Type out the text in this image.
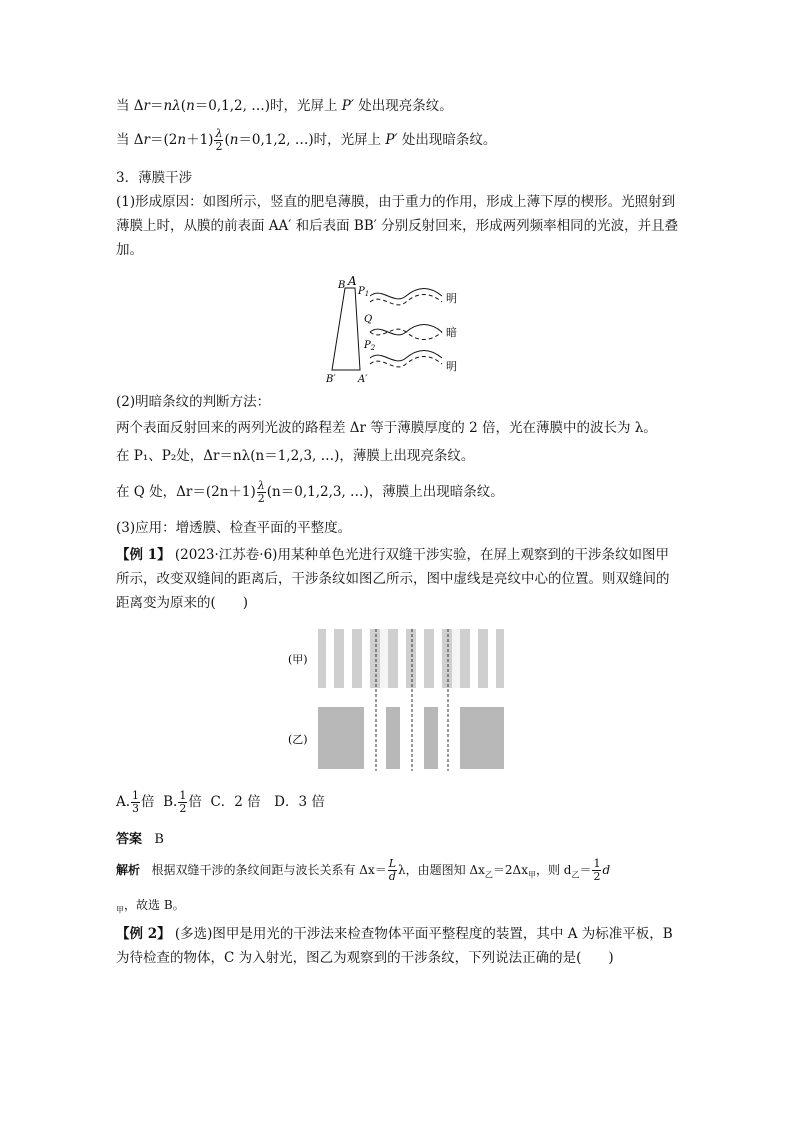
当 Δr＝nλ(n＝0,1,2, …)时，光屏上 P′ 处出现亮条纹。
当 $\Delta r=(2n+1) \frac{\lambda}{2} (n=0,1,2$, …)时，光屏上 P′ 处出现暗条纹。
3．薄膜干涉
(1)形成原因：如图所示，竖直的肥皂薄膜，由于重力的作用，形成上薄下厚的楔形。光照射到薄膜上时，从膜的前表面 AA′ 和后表面 BB′ 分别反射回来，形成两列频率相同的光波，并且叠加。
B A
$P_1$	明
Q
暗
$P_2$
明
B′ A′
(2)明暗条纹的判断方法：
两个表面反射回来的两列光波的路程差 Δr 等于薄膜厚度的 2 倍，光在薄膜中的波长为 λ。
在 P₁、P₂处，Δr＝nλ(n＝1,2,3, …)，薄膜上出现亮条纹。
在 Q 处，$\Delta r=(2n+1) \frac{\lambda}{2} (n=0,1,2,3$, …)，薄膜上出现暗条纹。
(3)应用：增透膜、检查平面的平整度。
【例 1】 (2023·江苏卷·6)用某种单色光进行双缝干涉实验，在屏上观察到的干涉条纹如图甲所示，改变双缝间的距离后，干涉条纹如图乙所示，图中虚线是亮纹中心的位置。则双缝间的距离变为原来的(　　)
(甲)
(乙)
A. $\frac{1}{3}$ 倍 B. $\frac{1}{2}$ 倍 C．2 倍　D．3 倍
答案 B
解析 根据双缝干涉的条纹间距与波长关系有 $\Delta x= \frac{L}{d}$ λ，由题图知 $\Delta x_乙=2\Delta x_甲$，则 $d_乙= \frac{1}{2}$ d
$_甲$，故选 B。
【例 2】 (多选)图甲是用光的干涉法来检查物体平面平整程度的装置，其中 A 为标准平板，B 为待检查的物体，C 为入射光，图乙为观察到的干涉条纹，下列说法正确的是(　　)
